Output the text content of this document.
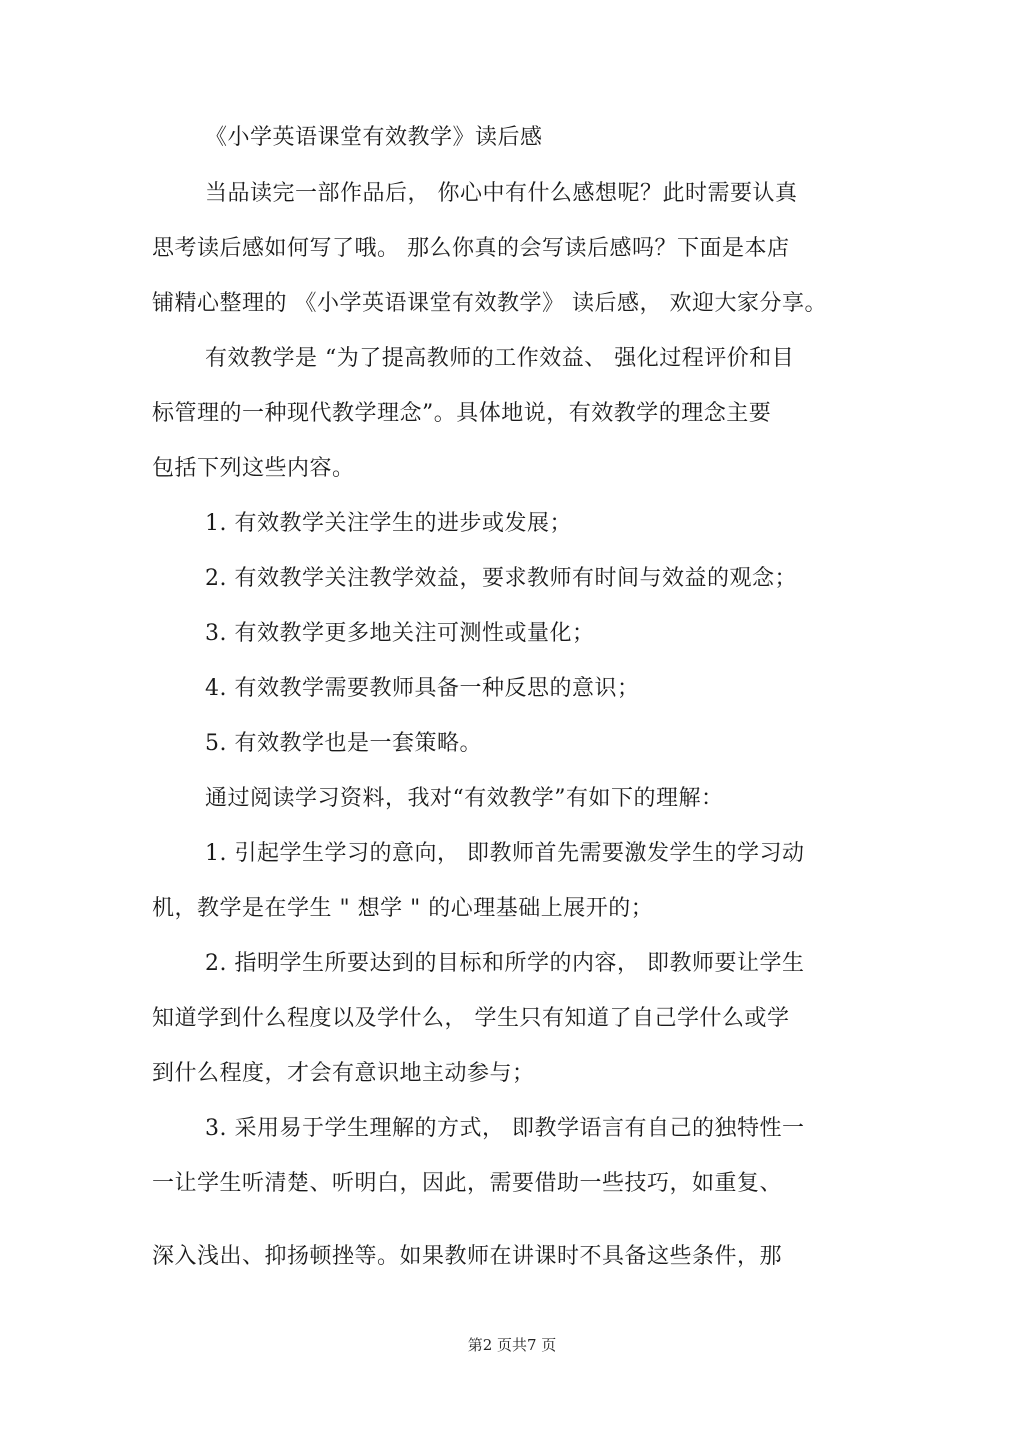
《小学英语课堂有效教学》读后感
当品读完一部作品后， 你心中有什么感想呢？此时需要认真
思考读后感如何写了哦。 那么你真的会写读后感吗？下面是本店
铺精心整理的 《小学英语课堂有效教学》 读后感， 欢迎大家分享。
有效教学是 “为了提高教师的工作效益、 强化过程评价和目
标管理的一种现代教学理念”。具体地说，有效教学的理念主要
包括下列这些内容。
1. 有效教学关注学生的进步或发展；
2. 有效教学关注教学效益，要求教师有时间与效益的观念；
3. 有效教学更多地关注可测性或量化；
4. 有效教学需要教师具备一种反思的意识；
5. 有效教学也是一套策略。
通过阅读学习资料，我对“有效教学”有如下的理解：
1. 引起学生学习的意向， 即教师首先需要激发学生的学习动
机，教学是在学生 " 想学 " 的心理基础上展开的；
2. 指明学生所要达到的目标和所学的内容， 即教师要让学生
知道学到什么程度以及学什么， 学生只有知道了自己学什么或学
到什么程度，才会有意识地主动参与；
3. 采用易于学生理解的方式， 即教学语言有自己的独特性一
一让学生听清楚、听明白，因此，需要借助一些技巧，如重复、
深入浅出、抑扬顿挫等。如果教师在讲课时不具备这些条件，那
第2 页共7 页
